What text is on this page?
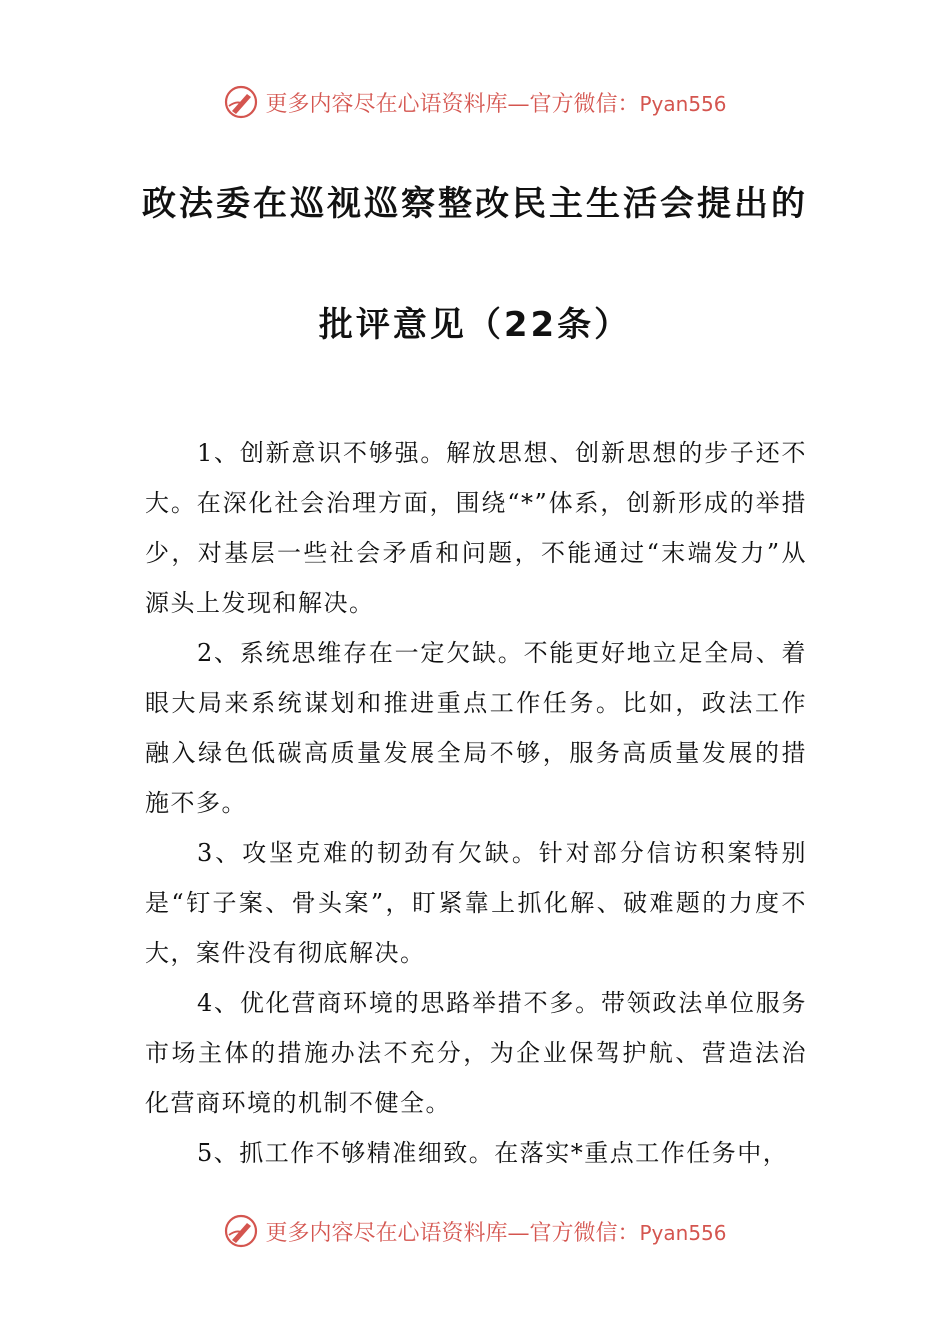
更多内容尽在心语资料库—官方微信：Pyan556
政法委在巡视巡察整改民主生活会提出的
批评意见（22条）

1、创新意识不够强。解放思想、创新思想的步子还不大。在深化社会治理方面，围绕“*”体系，创新形成的举措少，对基层一些社会矛盾和问题，不能通过“末端发力”从源头上发现和解决。

2、系统思维存在一定欠缺。不能更好地立足全局、着眼大局来系统谋划和推进重点工作任务。比如，政法工作融入绿色低碳高质量发展全局不够，服务高质量发展的措施不多。

3、攻坚克难的韧劲有欠缺。针对部分信访积案特别是“钉子案、骨头案”，盯紧靠上抓化解、破难题的力度不大，案件没有彻底解决。

4、优化营商环境的思路举措不多。带领政法单位服务市场主体的措施办法不充分，为企业保驾护航、营造法治化营商环境的机制不健全。

5、抓工作不够精准细致。在落实*重点工作任务中，

更多内容尽在心语资料库—官方微信：Pyan556
